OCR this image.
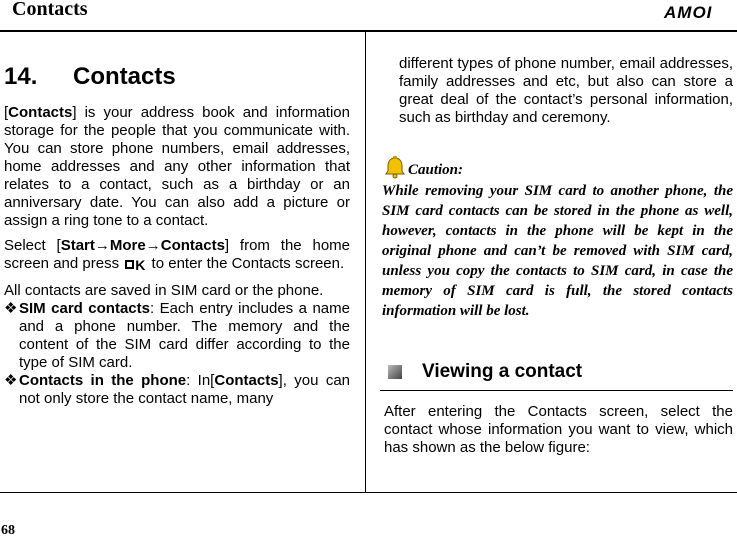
Contacts	AMOI
14. Contacts

[Contacts] is your address book and information storage for the people that you communicate with. You can store phone numbers, email addresses, home addresses and any other information that relates to a contact, such as a birthday or an anniversary date. You can also add a picture or assign a ring tone to a contact.

Select [Start→More→Contacts] from the home screen and press K to enter the Contacts screen.

All contacts are saved in SIM card or the phone.

❖ SIM card contacts: Each entry includes a name and a phone number. The memory and the content of the SIM card differ according to the type of SIM card.

❖ Contacts in the phone: In[Contacts], you can not only store the contact name, many

different types of phone number, email addresses, family addresses and etc, but also can store a great deal of the contact’s personal information, such as birthday and ceremony.

Caution:

While removing your SIM card to another phone, the SIM card contacts can be stored in the phone as well, however, contacts in the phone will be kept in the original phone and can’t be removed with SIM card, unless you copy the contacts to SIM card, in case the memory of SIM card is full, the stored contacts information will be lost.

Viewing a contact

After entering the Contacts screen, select the contact whose information you want to view, which has shown as the below figure:

68
